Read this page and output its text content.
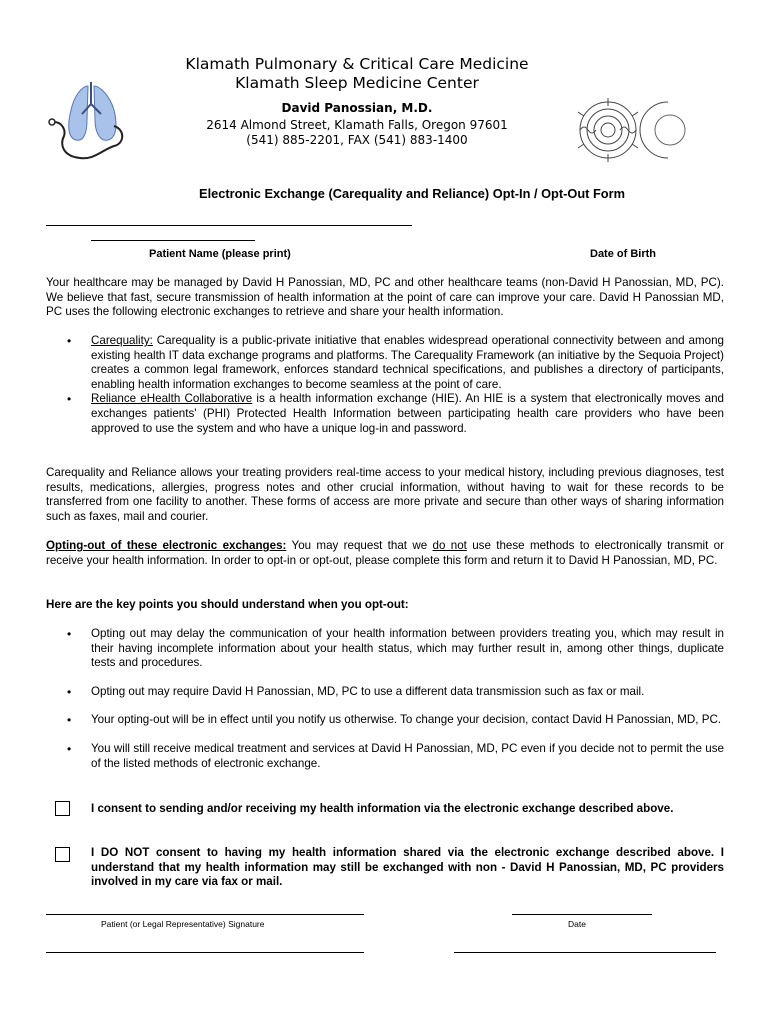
Klamath Pulmonary & Critical Care Medicine
Klamath Sleep Medicine Center
David Panossian, M.D.
2614 Almond Street, Klamath Falls, Oregon 97601
(541) 885-2201, FAX (541) 883-1400
Electronic Exchange (Carequality and Reliance) Opt-In / Opt-Out Form
Patient Name (please print)	Date of Birth
Your healthcare may be managed by David H Panossian, MD, PC and other healthcare teams (non-David H Panossian, MD, PC). We believe that fast, secure transmission of health information at the point of care can improve your care. David H Panossian MD, PC uses the following electronic exchanges to retrieve and share your health information.
• Carequality: Carequality is a public-private initiative that enables widespread operational connectivity between and among existing health IT data exchange programs and platforms. The Carequality Framework (an initiative by the Sequoia Project) creates a common legal framework, enforces standard technical specifications, and publishes a directory of participants, enabling health information exchanges to become seamless at the point of care.
• Reliance eHealth Collaborative is a health information exchange (HIE). An HIE is a system that electronically moves and exchanges patients' (PHI) Protected Health Information between participating health care providers who have been approved to use the system and who have a unique log-in and password.
Carequality and Reliance allows your treating providers real-time access to your medical history, including previous diagnoses, test results, medications, allergies, progress notes and other crucial information, without having to wait for these records to be transferred from one facility to another. These forms of access are more private and secure than other ways of sharing information such as faxes, mail and courier.
Opting-out of these electronic exchanges: You may request that we do not use these methods to electronically transmit or receive your health information. In order to opt-in or opt-out, please complete this form and return it to David H Panossian, MD, PC.
Here are the key points you should understand when you opt-out:
• Opting out may delay the communication of your health information between providers treating you, which may result in their having incomplete information about your health status, which may further result in, among other things, duplicate tests and procedures.
• Opting out may require David H Panossian, MD, PC to use a different data transmission such as fax or mail.
• Your opting-out will be in effect until you notify us otherwise. To change your decision, contact David H Panossian, MD, PC.
• You will still receive medical treatment and services at David H Panossian, MD, PC even if you decide not to permit the use of the listed methods of electronic exchange.
I consent to sending and/or receiving my health information via the electronic exchange described above.
I DO NOT consent to having my health information shared via the electronic exchange described above. I understand that my health information may still be exchanged with non - David H Panossian, MD, PC providers involved in my care via fax or mail.
Patient (or Legal Representative) Signature	Date
